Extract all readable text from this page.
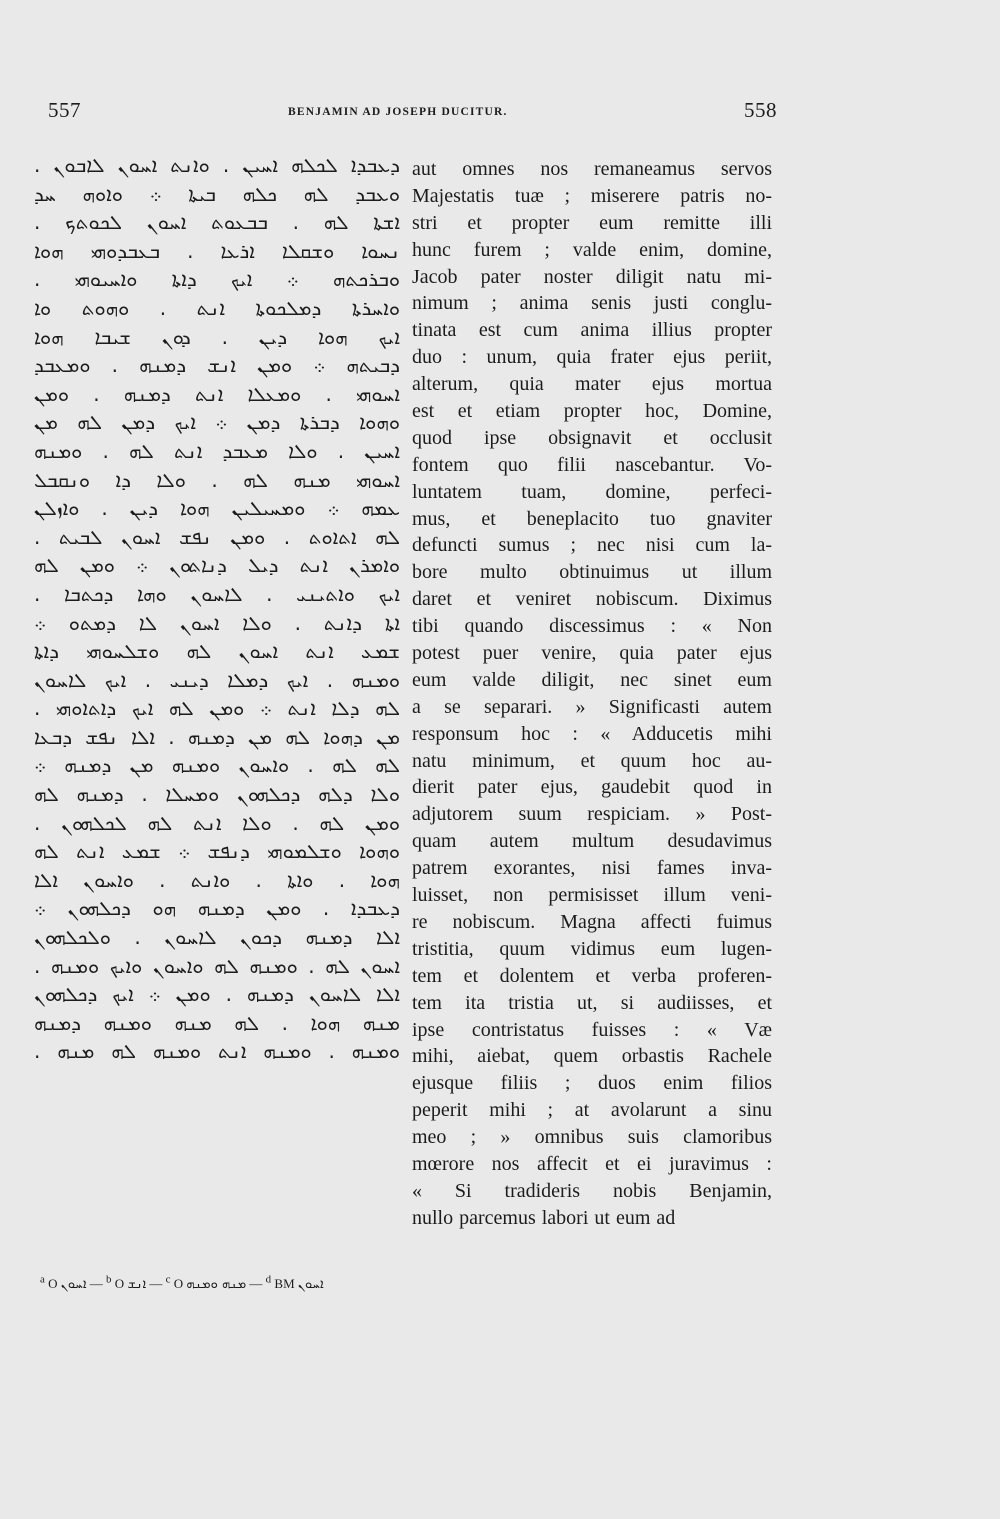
557	BENJAMIN AD JOSEPH DUCITUR.	558
ܕܥܒܕܐ ܠܟܠܗ ܐܚܝܢ . ܘܐܢܬ ܐܚܘܢ ܠܐܒܘܢ .
ܘܥܒܕ ܠܗ ܟܠܗ ܒܝܬܐ ܀ ܘܐܘܗ ܚܕ
ܐܫܬܐ ܠܗ . ܒܒܥܘܬ ܐܚܘܢ ܠܟܘܬܟ .
ܢܚܘܐ ܘܫܩܠܐ ܐܪܥܐ . ܒܥܒܕܘܗܝ ܗܘܐ
ܘܒܪܟܬܗ ܀ ܐܝܟ ܕܐܬܐ ܘܐܚܝܘܗܝ .
ܘܐܚܪܬܐ ܕܡܠܟܘܬܐ ܐܢܬ . ܘܗܘܬ ܘܐ
ܐܝܟ ܗܘܐ ܕܝܢ . ܕܘܢ ܫܝܒܐ ܗܘܐ
ܕܒܝܬܗ ܀ ܘܡܢ ܐܢܫ ܕܡܢܗ . ܘܡܥܒܕ
ܐܚܘܗܝ . ܘܡܥܠܐ ܐܢܬ ܕܡܢܗ . ܘܡܢ
ܘܗܘܐ ܕܒܪܬܐ ܕܡܢ ܀ ܐܝܟ ܕܡܢ ܠܗ ܡܢ
ܐܚܝܢ . ܘܠܐ ܡܥܒܕ ܐܢܬ ܠܗ . ܘܡܢܗ
ܐܚܘܗܝ ܡܢܗ ܠܗ . ܘܠܐ ܕܐ ܘܢܩܒܠ
ܥܡܗ ܀ ܘܡܚܝܠܝܢ ܗܘܐ ܕܝܢ . ܘܐܙܠܢ
ܠܗ ܐܬܐܘܬ . ܘܡܢ ܢܦܫ ܐܚܘܢ ܠܒܝܬ .
ܘܐܡܪܢ ܐܢܬ ܕܝܠ ܕܢܐܬܘܢ ܀ ܘܡܢ ܠܗ
ܐܝܟ ܘܐܬܝܢܝ . ܠܐܚܘܢ ܘܗܐ ܕܟܬܒܐ .
ܐܬܐ ܕܐܢܬ . ܘܠܐ ܐܚܘܢ ܠܐ ܕܡܬܘ ܀
ܫܡܥ ܐܢܬ ܐܚܘܢ ܠܗ ܘܫܠܚܘܗܝ ܕܐܬܐ
ܘܡܢܗ . ܐܝܟ ܕܡܠܐ ܕܝܢܝ . ܐܝܟ ܠܐܚܘܢ
ܠܗ ܕܠܐ ܐܢܬ ܀ ܘܡܢ ܠܗ ܐܝܟ ܕܐܬܐܘܗܝ .
ܡܢ ܕܗܘܐ ܠܗ ܡܢ ܕܡܢܗ . ܐܠܐ ܢܦܫ ܕܒܥܐ
ܠܗ ܠܗ . ܘܐܚܘܢ ܘܡܢܗ ܡܢ ܕܡܢܗ ܀
ܘܠܐ ܕܠܗ ܕܟܠܗܘܢ ܘܡܚܠܐ . ܕܡܢܗ ܠܗ
ܘܡܢ ܠܗ . ܘܠܐ ܐܢܬ ܠܗ ܠܟܠܗܘܢ .
ܘܗܘܐ ܘܫܠܡܘܗܝ ܕܢܦܫ ܀ ܫܡܥ ܐܢܬ ܠܗ
ܗܘܐ . ܘܐܬܐ . ܘܐܢܬ . ܘܐܚܘܢ ܐܠܐ
ܕܥܒܕܐ . ܘܡܢ ܕܡܢܗ ܗܘ ܕܟܠܗܘܢ ܀
ܐܠܐ ܕܡܢܗ ܕܟܘܢ ܠܐܚܘܢ . ܘܠܟܠܗܘܢ
ܐܚܘܢ ܠܗ . ܘܡܢܗ ܠܗ ܘܐܚܘܢ ܘܐܝܟ ܘܡܢܗ .
ܐܠܐ ܠܐܚܘܢ ܕܡܢܗ . ܘܡܢ ܀ ܐܝܟ ܕܟܠܗܘܢ
ܡܢܗ ܗܘܐ . ܠܗ ܡܢܗ ܘܡܢܗ ܕܡܢܗ
ܘܡܢܗ . ܘܡܢܗ ܐܢܬ ܘܡܢܗ ܠܗ ܡܢܗ .
aut omnes nos remaneamus servos
Majestatis tuæ ; miserere patris no-
stri et propter eum remitte illi
hunc furem ; valde enim, domine,
Jacob pater noster diligit natu mi-
nimum ; anima senis justi conglu-
tinata est cum anima illius propter
duo : unum, quia frater ejus periit,
alterum, quia mater ejus mortua
est et etiam propter hoc, Domine,
quod ipse obsignavit et occlusit
fontem quo filii nascebantur. Vo-
luntatem tuam, domine, perfeci-
mus, et beneplacito tuo gnaviter
defuncti sumus ; nec nisi cum la-
bore multo obtinuimus ut illum
daret et veniret nobiscum. Diximus
tibi quando discessimus : « Non
potest puer venire, quia pater ejus
eum valde diligit, nec sinet eum
a se separari. » Significasti autem
responsum hoc : « Adducetis mihi
natu minimum, et quum hoc au-
dierit pater ejus, gaudebit quod in
adjutorem suum respiciam. » Post-
quam autem multum desudavimus
patrem exorantes, nisi fames inva-
luisset, non permisisset illum veni-
re nobiscum. Magna affecti fuimus
tristitia, quum vidimus eum lugen-
tem et dolentem et verba proferen-
tem ita tristia ut, si audiisses, et
ipse contristatus fuisses : « Væ
mihi, aiebat, quem orbastis Rachele
ejusque filiis ; duos enim filios
peperit mihi ; at avolarunt a sinu
meo ; » omnibus suis clamoribus
mœrore nos affecit et ei juravimus :
« Si tradideris nobis Benjamin,
nullo parcemus labori ut eum ad
$^a$ O ܐܚܘܢ — $^b$ O ܐܢܫ — $^c$ O ܡܢܗ ܘܡܢܗ — $^d$ BM ܐܚܘܢ
